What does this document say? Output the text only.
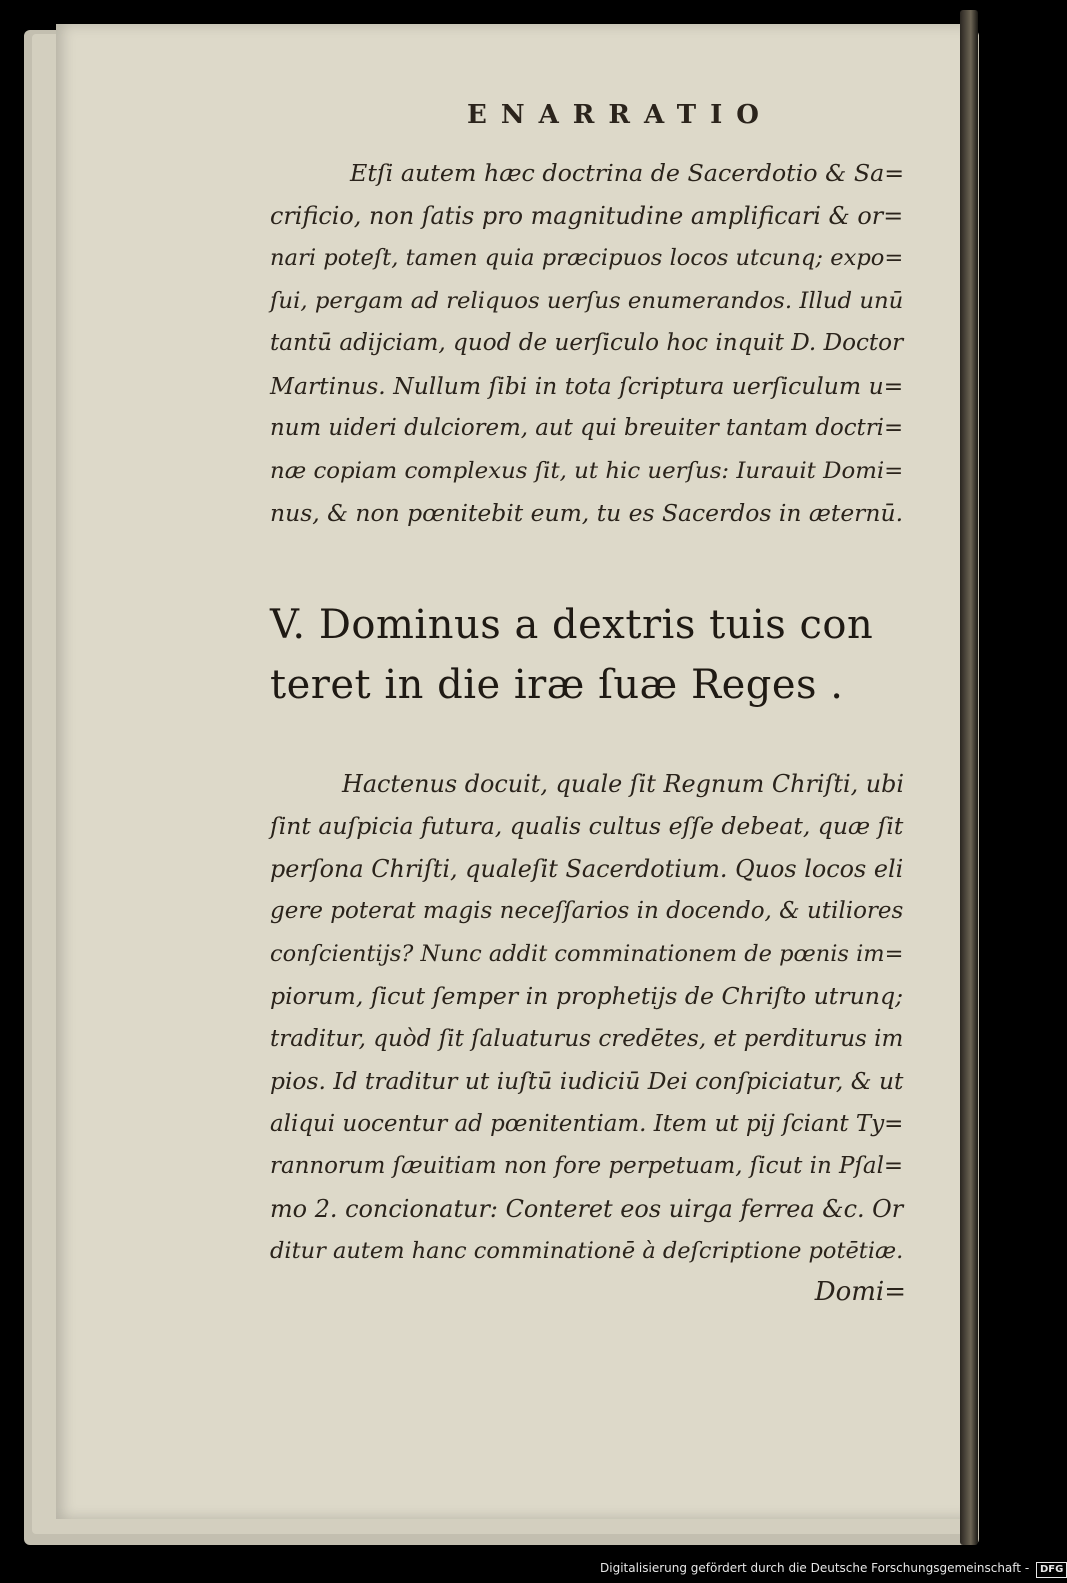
ENARRATIO
Etſi autem hæc doctrina de Sacerdotio & Sa=
crificio, non ſatis pro magnitudine amplificari & or=
nari poteſt, tamen quia præcipuos locos utcunq; expo=
ſui, pergam ad reliquos uerſus enumerandos. Illud unū
tantū adijciam, quod de uerſiculo hoc inquit D. Doctor
Martinus. Nullum ſibi in tota ſcriptura uerſiculum u=
num uideri dulciorem, aut qui breuiter tantam doctri=
næ copiam complexus ſit, ut hic uerſus: Iurauit Domi=
nus, & non pœnitebit eum, tu es Sacerdos in æternū.
V. Dominus a dextris tuis con
teret in die iræ ſuæ Reges .
Hactenus docuit, quale ſit Regnum Chriſti, ubi
ſint auſpicia futura, qualis cultus eſſe debeat, quæ ſit
perſona Chriſti, qualeſit Sacerdotium. Quos locos eli
gere poterat magis neceſſarios in docendo, & utiliores
conſcientijs? Nunc addit comminationem de pœnis im=
piorum, ſicut ſemper in prophetijs de Chriſto utrunq;
traditur, quòd ſit ſaluaturus credētes, et perditurus im
pios. Id traditur ut iuſtū iudiciū Dei conſpiciatur, & ut
aliqui uocentur ad pœnitentiam. Item ut pij ſciant Ty=
rannorum ſæuitiam non fore perpetuam, ſicut in Pſal=
mo 2. concionatur: Conteret eos uirga ferrea &c. Or
ditur autem hanc comminationē à deſcriptione potētiæ.
Domi=
Digitalisierung gefördert durch die Deutsche Forschungsgemeinschaft - DFG
